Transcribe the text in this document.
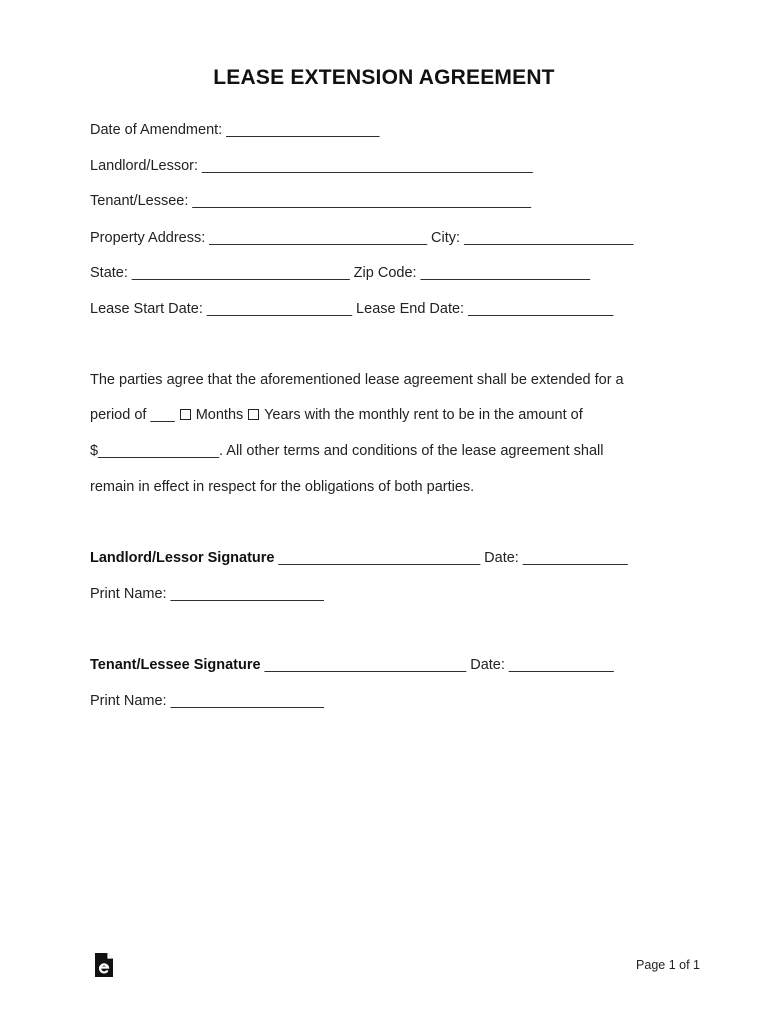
LEASE EXTENSION AGREEMENT
Date of Amendment: ___________________
Landlord/Lessor: _________________________________________
Tenant/Lessee: __________________________________________
Property Address: ___________________________ City: _____________________
State: ___________________________ Zip Code: _____________________
Lease Start Date: __________________ Lease End Date: __________________
The parties agree that the aforementioned lease agreement shall be extended for a
period of ___  Months  Years with the monthly rent to be in the amount of
$_______________. All other terms and conditions of the lease agreement shall
remain in effect in respect for the obligations of both parties.
Landlord/Lessor Signature _________________________ Date: _____________
Print Name: ___________________
Tenant/Lessee Signature _________________________ Date: _____________
Print Name: ___________________
Page 1 of 1
